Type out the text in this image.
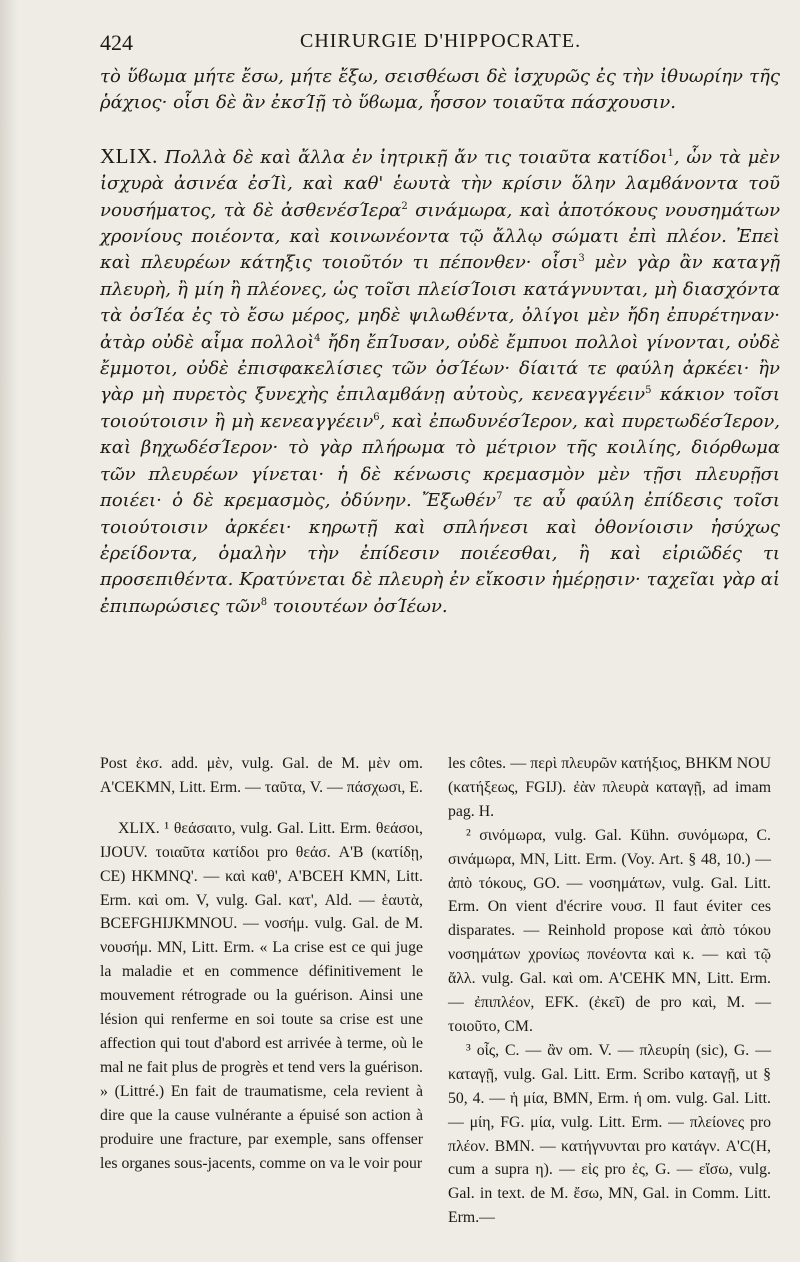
424	CHIRURGIE D'HIPPOCRATE.

τὸ ὕϐωμα μήτε ἔσω, μήτε ἔξω, σεισθέωσι δὲ ἰσχυρῶς ἐς τὴν ἰθυωρίην τῆς ῥάχιος· οἷσι δὲ ἂν ἐκσΊῇ τὸ ὕϐωμα, ἧσσον τοιαῦτα πάσχουσιν.

XLIX. Πολλὰ δὲ καὶ ἄλλα ἐν ἰητρικῇ ἄν τις τοιαῦτα κατίδοι$^1$, ὧν τὰ μὲν ἰσχυρὰ ἀσινέα ἐσΊὶ, καὶ καθ' ἑωυτὰ τὴν κρίσιν ὅλην λαμϐάνοντα τοῦ νουσήματος, τὰ δὲ ἀσθενέσΊερα$^2$ σινάμωρα, καὶ ἀποτόκους νουσημάτων χρονίους ποιέοντα, καὶ κοινωνέοντα τῷ ἄλλῳ σώματι ἐπὶ πλέον. Ἐπεὶ καὶ πλευρέων κάτηξις τοιοῦτόν τι πέπονθεν· οἷσι$^3$ μὲν γὰρ ἂν καταγῇ πλευρὴ, ἢ μίη ἢ πλέονες, ὡς τοῖσι πλείσΊοισι κατάγνυνται, μὴ διασχόντα τὰ ὀσΊέα ἐς τὸ ἔσω μέρος, μηδὲ ψιλωθέντα, ὀλίγοι μὲν ἤδη ἐπυρέτηναν· ἀτὰρ οὐδὲ αἷμα πολλοὶ$^4$ ἤδη ἔπΊυσαν, οὐδὲ ἔμπυοι πολλοὶ γίνονται, οὐδὲ ἔμμοτοι, οὐδὲ ἐπισφακελίσιες τῶν ὀσΊέων· δίαιτά τε φαύλη ἀρκέει· ἢν γὰρ μὴ πυρετὸς ξυνεχὴς ἐπιλαμϐάνῃ αὐτοὺς, κενεαγγέειν$^5$ κάκιον τοῖσι τοιούτοισιν ἢ μὴ κενεαγγέειν$^6$, καὶ ἐπωδυνέσΊερον, καὶ πυρετωδέσΊερον, καὶ βηχωδέσΊερον· τὸ γὰρ πλήρωμα τὸ μέτριον τῆς κοιλίης, διόρθωμα τῶν πλευρέων γίνεται· ἡ δὲ κένωσις κρεμασμὸν μὲν τῇσι πλευρῇσι ποιέει· ὁ δὲ κρεμασμὸς, ὀδύνην. Ἔξωθέν$^7$ τε αὖ φαύλη ἐπίδεσις τοῖσι τοιούτοισιν ἀρκέει· κηρωτῇ καὶ σπλήνεσι καὶ ὀθονίοισιν ἡσύχως ἐρείδοντα, ὁμαλὴν τὴν ἐπίδεσιν ποιέεσθαι, ἢ καὶ εἰριῶδές τι προσεπιθέντα. Κρατύνεται δὲ πλευρὴ ἐν εἴκοσιν ἡμέρῃσιν· ταχεῖαι γὰρ αἱ ἐπιπωρώσιες τῶν$^8$ τοιουτέων ὀσΊέων.

Post ἐκσ. add. μὲν, vulg. Gal. de M. μὲν om. A'CEKMN, Litt. Erm. — ταῦτα, V. — πάσχωσι, E.

XLIX. ¹ θεάσαιτο, vulg. Gal. Litt. Erm. θεάσοι, IJOUV. τοιαῦτα κατίδοι pro θεάσ. A'B (κατίδῃ, CE) HKMNQ'. — καὶ καθ', A'BCEH KMN, Litt. Erm. καὶ om. V, vulg. Gal. κατ', Ald. — ἑαυτὰ, BCEFGHIJKMNOU. — νοσήμ. vulg. Gal. de M. νουσήμ. MN, Litt. Erm. « La crise est ce qui juge la maladie et en commence définitivement le mouvement rétrograde ou la guérison. Ainsi une lésion qui renferme en soi toute sa crise est une affection qui tout d'abord est arrivée à terme, où le mal ne fait plus de progrès et tend vers la guérison. » (Littré.) En fait de traumatisme, cela revient à dire que la cause vulnérante a épuisé son action à produire une fracture, par exemple, sans offenser les organes sous-jacents, comme on va le voir pour

les côtes. — περὶ πλευρῶν κατήξιος, BHKM NOU (κατήξεως, FGIJ). ἐὰν πλευρὰ καταγῇ, ad imam pag. H.

² σινόμωρα, vulg. Gal. Kühn. συνόμωρα, C. σινάμωρα, MN, Litt. Erm. (Voy. Art. § 48, 10.) — ἀπὸ τόκους, GO. — νοσημάτων, vulg. Gal. Litt. Erm. On vient d'écrire νουσ. Il faut éviter ces disparates. — Reinhold propose καὶ ἀπὸ τόκου νοσημάτων χρονίως πονέοντα καὶ κ. — καὶ τῷ ἄλλ. vulg. Gal. καὶ om. A'CEHK MN, Litt. Erm. — ἐπιπλέον, EFK. (ἐκεῖ) de pro καὶ, M. — τοιοῦτο, CM.

³ οἷς, C. — ἂν om. V. — πλευρίη (sic), G. — καταγῇ, vulg. Gal. Litt. Erm. Scribo καταγῇ, ut § 50, 4. — ἡ μία, BMN, Erm. ἡ om. vulg. Gal. Litt. — μίη, FG. μία, vulg. Litt. Erm. — πλείονες pro πλέον. BMN. — κατήγνυνται pro κατάγν. A'C(H, cum a supra η). — εἰς pro ἐς, G. — εἴσω, vulg. Gal. in text. de M. ἔσω, MN, Gal. in Comm. Litt. Erm.—
